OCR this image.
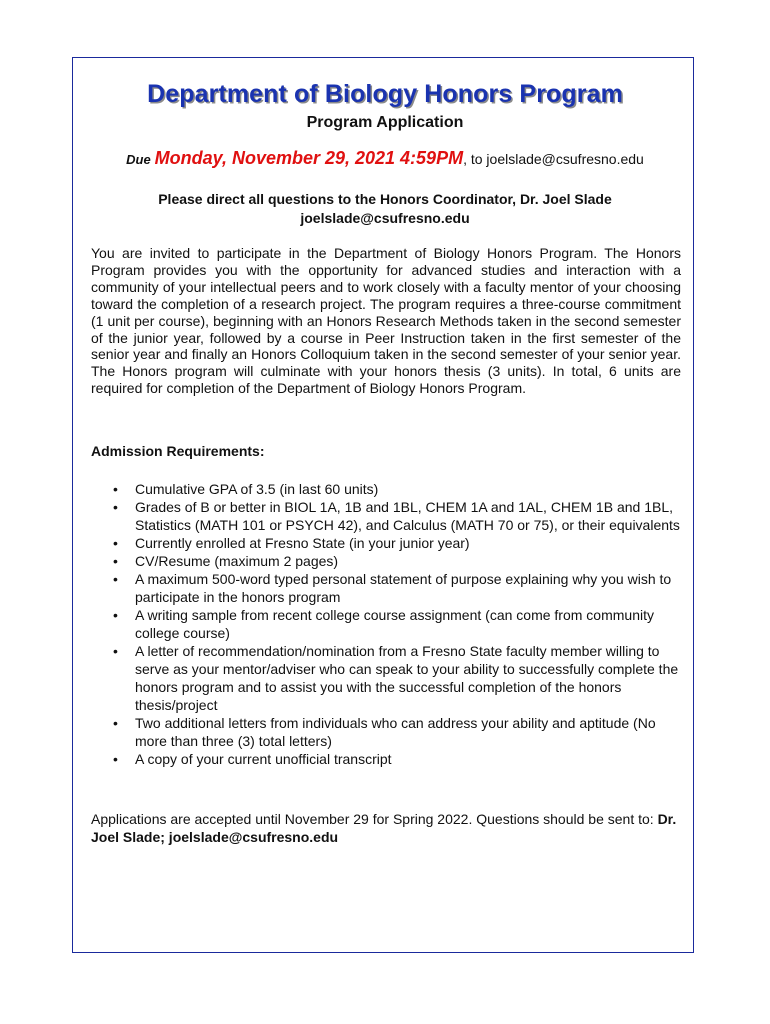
Department of Biology Honors Program
Program Application
Due Monday, November 29, 2021 4:59PM, to joelslade@csufresno.edu
Please direct all questions to the Honors Coordinator, Dr. Joel Slade
joelslade@csufresno.edu
You are invited to participate in the Department of Biology Honors Program. The Honors Program provides you with the opportunity for advanced studies and interaction with a community of your intellectual peers and to work closely with a faculty mentor of your choosing toward the completion of a research project. The program requires a three-course commitment (1 unit per course), beginning with an Honors Research Methods taken in the second semester of the junior year, followed by a course in Peer Instruction taken in the first semester of the senior year and finally an Honors Colloquium taken in the second semester of your senior year. The Honors program will culminate with your honors thesis (3 units). In total, 6 units are required for completion of the Department of Biology Honors Program.
Admission Requirements:
• Cumulative GPA of 3.5 (in last 60 units)
• Grades of B or better in BIOL 1A, 1B and 1BL, CHEM 1A and 1AL, CHEM 1B and 1BL, Statistics (MATH 101 or PSYCH 42), and Calculus (MATH 70 or 75), or their equivalents
• Currently enrolled at Fresno State (in your junior year)
• CV/Resume (maximum 2 pages)
• A maximum 500-word typed personal statement of purpose explaining why you wish to participate in the honors program
• A writing sample from recent college course assignment (can come from community college course)
• A letter of recommendation/nomination from a Fresno State faculty member willing to serve as your mentor/adviser who can speak to your ability to successfully complete the honors program and to assist you with the successful completion of the honors thesis/project
• Two additional letters from individuals who can address your ability and aptitude (No more than three (3) total letters)
• A copy of your current unofficial transcript
Applications are accepted until November 29 for Spring 2022. Questions should be sent to: Dr. Joel Slade; joelslade@csufresno.edu
